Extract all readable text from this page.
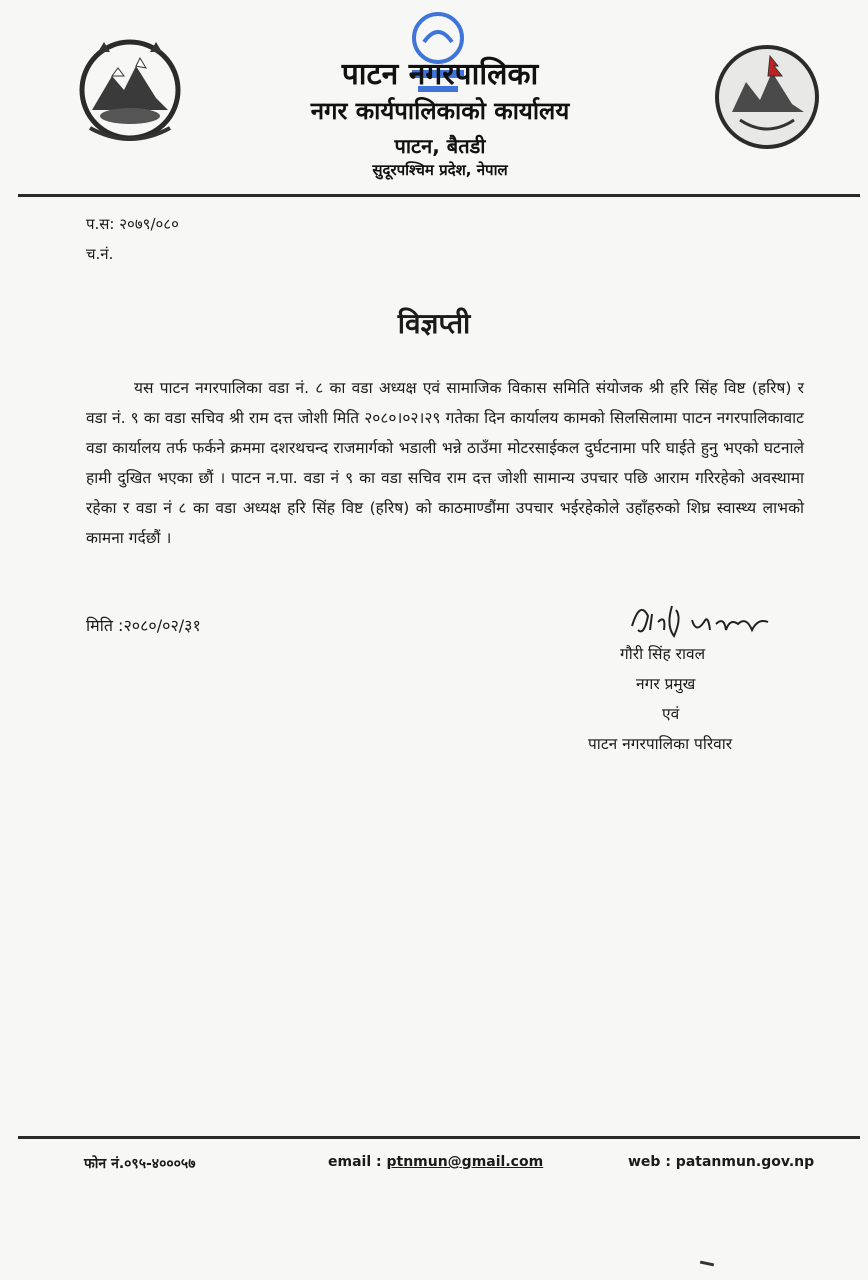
पाटन नगरपालिका
नगर कार्यपालिकाको कार्यालय
पाटन, बैतडी
सुदूरपश्चिम प्रदेश, नेपाल
प.स: २०७९/०८०
च.नं.
विज्ञप्ती
यस पाटन नगरपालिका वडा नं. ८ का वडा अध्यक्ष एवं सामाजिक विकास समिति संयोजक श्री हरि सिंह विष्ट (हरिष) र वडा नं. ९ का वडा सचिव श्री राम दत्त जोशी मिति २०८०।०२।२९ गतेका दिन कार्यालय कामको सिलसिलामा पाटन नगरपालिकावाट वडा कार्यालय तर्फ फर्कने क्रममा दशरथचन्द राजमार्गको भडाली भन्ने ठाउँमा मोटरसाईकल दुर्घटनामा परि घाईते हुनु भएको घटनाले हामी दुखित भएका छौं । पाटन न.पा. वडा नं ९ का वडा सचिव राम दत्त जोशी सामान्य उपचार पछि आराम गरिरहेको अवस्थामा रहेका र वडा नं ८ का वडा अध्यक्ष हरि सिंह विष्ट (हरिष) को काठमाण्डौंमा उपचार भईरहेकोले उहाँहरुको शिघ्र स्वास्थ्य लाभको कामना गर्दछौं ।
मिति :२०८०/०२/३१
गौरी सिंह रावल
नगर प्रमुख
एवं
पाटन नगरपालिका परिवार
फोन नं.०९५-४०००५७	email : ptnmun@gmail.com	web : patanmun.gov.np
